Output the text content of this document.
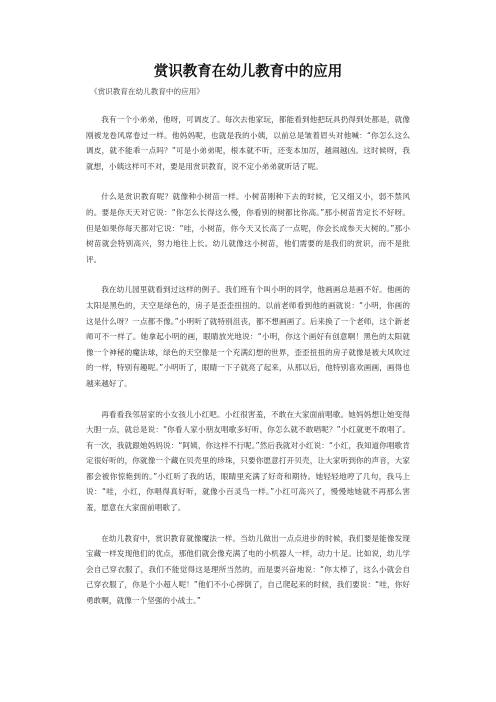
赏识教育在幼儿教育中的应用
《赏识教育在幼儿教育中的应用》

我有一个小弟弟，他呀，可调皮了。每次去他家玩，都能看到他把玩具扔得到处都是，就像刚被龙卷风席卷过一样。他妈妈呢，也就是我的小姨，以前总是皱着眉头对他喊：“你怎么这么调皮，就不能乖一点吗？”可是小弟弟呢，根本就不听，还变本加厉，越闹越凶。这时候呀，我就想，小姨这样可不对，要是用赏识教育，说不定小弟弟就听话了呢。

什么是赏识教育呢？就像种小树苗一样。小树苗刚种下去的时候，它又细又小，弱不禁风的。要是你天天对它说：“你怎么长得这么慢，你看别的树都比你高。”那小树苗肯定长不好呀。但是如果你每天都对它说：“哇，小树苗，你今天又长高了一点呢，你会长成参天大树的。”那小树苗就会特别高兴，努力地往上长。幼儿就像这小树苗，他们需要的是我们的赏识，而不是批评。

我在幼儿园里就看到过这样的例子。我们班有个叫小明的同学，他画画总是画不好。他画的太阳是黑色的，天空是绿色的，房子是歪歪扭扭的。以前老师看到他的画就说：“小明，你画的这是什么呀？一点都不像。”小明听了就特别沮丧，都不想画画了。后来换了一个老师，这个新老师可不一样了。她拿起小明的画，眼睛放光地说：“小明，你这个画好有创意啊！黑色的太阳就像一个神秘的魔法球，绿色的天空像是一个充满幻想的世界，歪歪扭扭的房子就像是被大风吹过的一样，特别有趣呢。”小明听了，眼睛一下子就亮了起来，从那以后，他特别喜欢画画，画得也越来越好了。

再看看我邻居家的小女孩儿小红吧。小红很害羞，不敢在大家面前唱歌。她妈妈想让她变得大胆一点，就总是说：“你看人家小朋友唱歌多好听，你怎么就不敢唱呢？”小红就更不敢唱了。有一次，我就跟她妈妈说：“阿姨，你这样不行呢。”然后我就对小红说：“小红，我知道你唱歌肯定很好听的，你就像一个藏在贝壳里的珍珠，只要你愿意打开贝壳，让大家听到你的声音，大家都会被你惊艳到的。”小红听了我的话，眼睛里充满了好奇和期待。她轻轻地哼了几句，我马上说：“哇，小红，你唱得真好听，就像小百灵鸟一样。”小红可高兴了，慢慢地她就不再那么害羞，愿意在大家面前唱歌了。

在幼儿教育中，赏识教育就像魔法一样。当幼儿做出一点点进步的时候，我们要是能像发现宝藏一样发现他们的优点，那他们就会像充满了电的小机器人一样，动力十足。比如说，幼儿学会自己穿衣服了，我们不能觉得这是理所当然的，而是要兴奋地说：“你太棒了，这么小就会自己穿衣服了，你是个小超人呢！”他们不小心摔倒了，自己爬起来的时候，我们要说：“哇，你好勇敢啊，就像一个坚强的小战士。”
